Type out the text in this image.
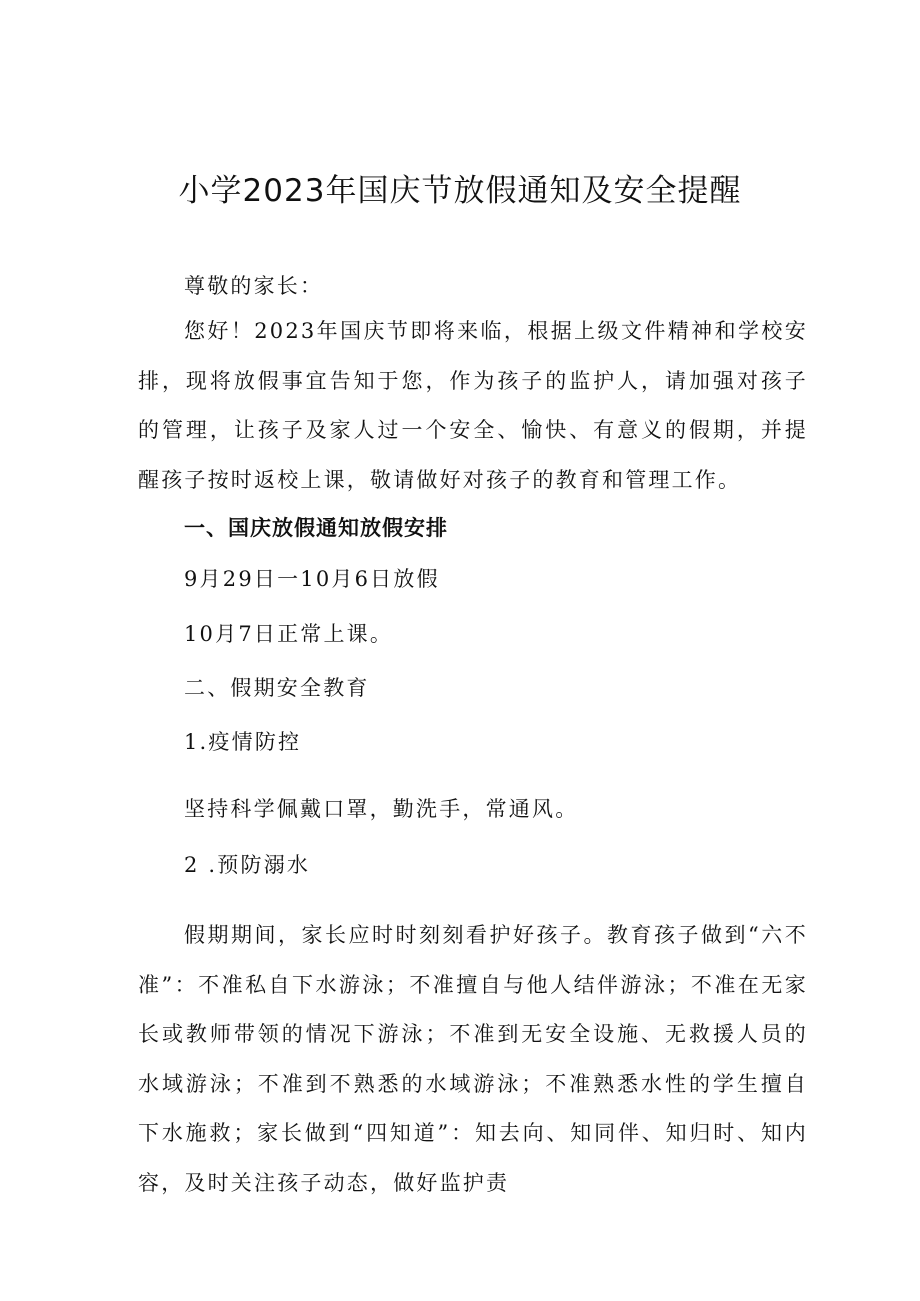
小学2023年国庆节放假通知及安全提醒
尊敬的家长：

您好！2023年国庆节即将来临，根据上级文件精神和学校安排，现将放假事宜告知于您，作为孩子的监护人，请加强对孩子的管理，让孩子及家人过一个安全、愉快、有意义的假期，并提醒孩子按时返校上课，敬请做好对孩子的教育和管理工作。

一、国庆放假通知放假安排
9月29日一10月6日放假
10月7日正常上课。
二、假期安全教育
1.疫情防控
坚持科学佩戴口罩，勤洗手，常通风。
2 .预防溺水

假期期间，家长应时时刻刻看护好孩子。教育孩子做到“六不准”：不准私自下水游泳；不准擅自与他人结伴游泳；不准在无家长或教师带领的情况下游泳；不准到无安全设施、无救援人员的水域游泳；不准到不熟悉的水域游泳；不准熟悉水性的学生擅自下水施救；家长做到“四知道”：知去向、知同伴、知归时、知内容，及时关注孩子动态，做好监护责
